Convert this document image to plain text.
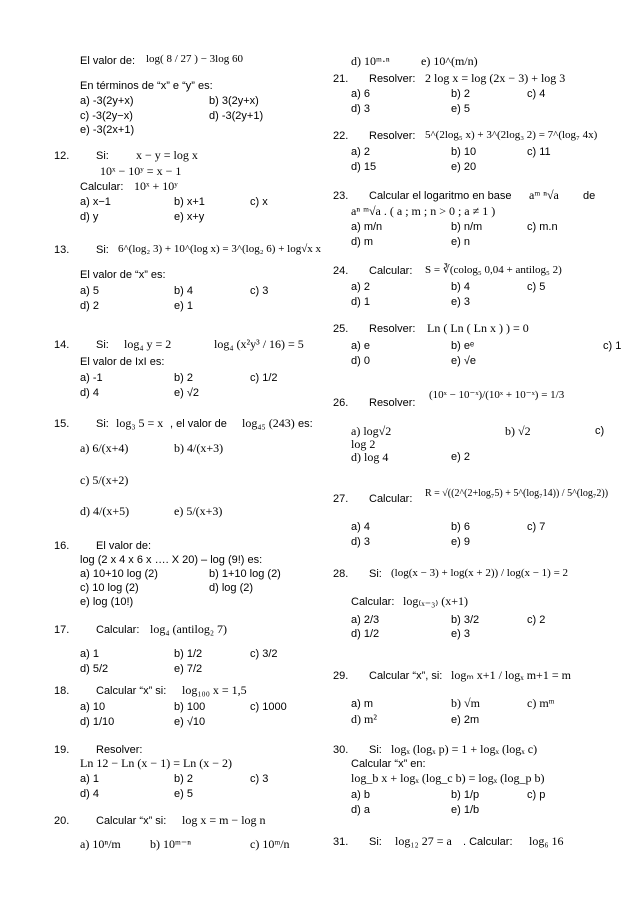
El valor de: log( 8 / 27 ) − 3log 60
En términos de “x” e “y” es:
a) -3(2y+x)	b) 3(2y+x)
c) -3(2y−x)	d) -3(2y+1)
e) -3(2x+1)
12. Si: x − y = log x
10ˣ − 10ʸ = x − 1
Calcular: 10ˣ + 10ʸ
a) x−1	b) x+1	c) x
d) y	e) x+y
13. Si: 6^(log₂ 3) + 10^(log x) = 3^(log₂ 6) + log√x x
El valor de “x” es:
a) 5	b) 4	c) 3
d) 2	e) 1
14. Si: log₄ y = 2	log₄ (x²y³ / 16) = 5
El valor de IxI es:
a) -1	b) 2	c) 1/2
d) 4	e) √2
15. Si: log₃ 5 = x , el valor de log₄₅ (243) es:
a) 6/(x+4)	b) 4/(x+3)
c) 5/(x+2)
d) 4/(x+5)	e) 5/(x+3)
16. El valor de:
log (2 x 4 x 6 x …. X 20) – log (9!) es:
a) 10+10 log (2)	b) 1+10 log (2)
c) 10 log (2)	d) log (2)
e) log (10!)
17. Calcular: log₄ (antilog₂ 7)
a) 1	b) 1/2	c) 3/2
d) 5/2	e) 7/2
18. Calcular “x” si: log₁₀₀ x = 1,5
a) 10	b) 100	c) 1000
d) 1/10	e) √10
19. Resolver:
Ln 12 − Ln (x − 1) = Ln (x − 2)
a) 1	b) 2	c) 3
d) 4	e) 5
20. Calcular “x” si: log x = m − log n
a) 10ⁿ/m b) 10ᵐ⁻ⁿ	c) 10ᵐ/n
d) 10ᵐ·ⁿ	e) 10^(m/n)
21. Resolver: 2 log x = log (2x − 3) + log 3
a) 6	b) 2	c) 4
d) 3	e) 5
22. Resolver: 5^(2log₅ x) + 3^(2log₃ 2) = 7^(log₇ 4x)
a) 2	b) 10	c) 11
d) 15	e) 20
23. Calcular el logaritmo en base aᵐ ⁿ√a de
aⁿ ᵐ√a . ( a ; m ; n > 0 ; a ≠ 1 )
a) m/n	b) n/m	c) m.n
d) m	e) n
24. Calcular: S = ∛(colog₅ 0,04 + antilog₅ 2)
a) 2	b) 4	c) 5
d) 1	e) 3
25. Resolver: Ln ( Ln ( Ln x ) ) = 0
a) e	b) eᵉ	c) 1
d) 0	e) √e
26. Resolver:
(10ˣ − 10⁻ˣ)/(10ˣ + 10⁻ˣ) = 1/3
a) log√2	b) √2	c)
log 2
d) log 4	e) 2
27. Calcular: R = √((2^(2+log₇5) + 5^(log₇14)) / 5^(log₇2))
a) 4	b) 6	c) 7
d) 3	e) 9
28. Si: (log(x − 3) + log(x + 2)) / log(x − 1) = 2
Calcular: log₍ₓ₋₃₎ (x+1)
a) 2/3	b) 3/2	c) 2
d) 1/2	e) 3
29. Calcular “x”, si: logₘ x+1 / logₓ m+1 = m
a) m	b) √m	c) mᵐ
d) m²	e) 2m
30. Si: logₓ (logₓ p) = 1 + logₓ (logₓ c)
Calcular “x” en:
log_b x + logₓ (log_c b) = logₓ (log_p b)
a) b	b) 1/p	c) p
d) a	e) 1/b
31. Si: log₁₂ 27 = a . Calcular: log₆ 16
